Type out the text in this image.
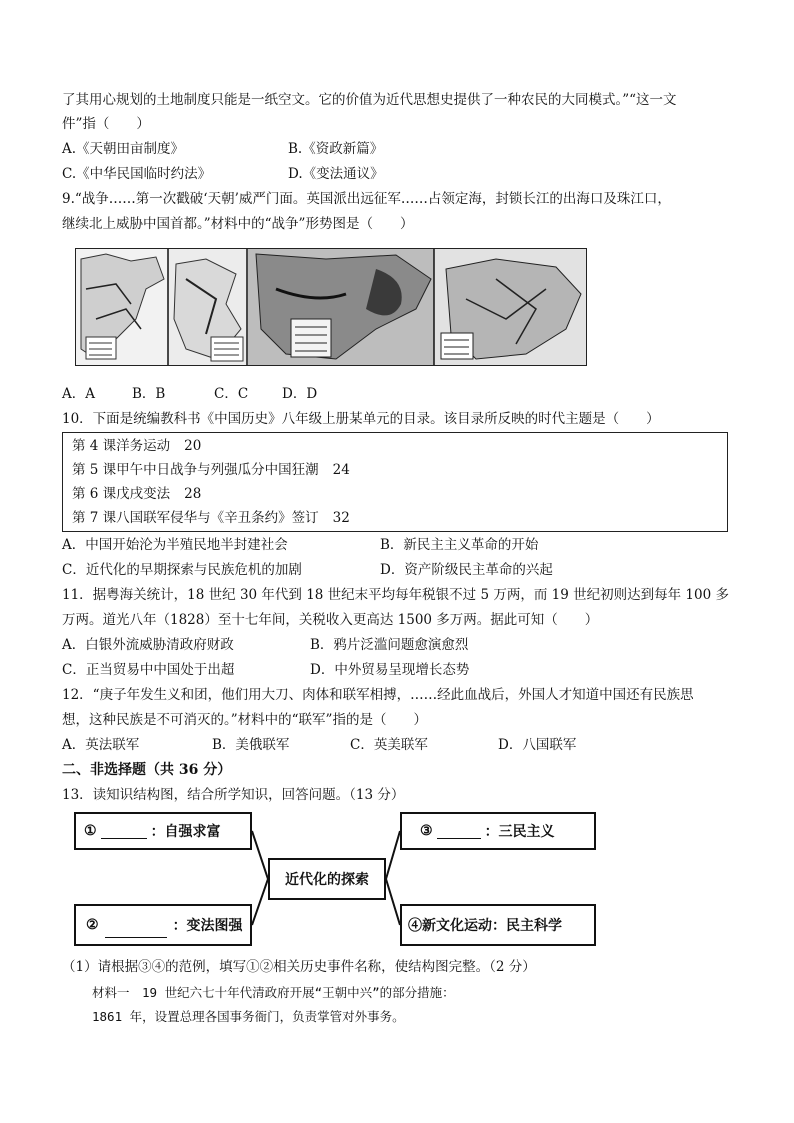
了其用心规划的土地制度只能是一纸空文。它的价值为近代思想史提供了一种农民的大同模式。”“这一文
件”指（　　）
A.《天朝田亩制度》	B.《资政新篇》
C.《中华民国临时约法》	D.《变法通议》
9.“战争……第一次戳破‘天朝’威严门面。英国派出远征军……占领定海，封锁长江的出海口及珠江口，
继续北上威胁中国首都。”材料中的“战争”形势图是（　　）
A．A	B．B	C．C	D．D
10．下面是统编教科书《中国历史》八年级上册某单元的目录。该目录所反映的时代主题是（　　）
第 4 课洋务运动 20
第 5 课甲午中日战争与列强瓜分中国狂潮 24
第 6 课戊戌变法 28
第 7 课八国联军侵华与《辛丑条约》签订 32
A．中国开始沦为半殖民地半封建社会	B．新民主主义革命的开始
C．近代化的早期探索与民族危机的加剧	D．资产阶级民主革命的兴起
11．据粤海关统计，18 世纪 30 年代到 18 世纪末平均每年税银不过 5 万两，而 19 世纪初则达到每年 100 多
万两。道光八年（1828）至十七年间，关税收入更高达 1500 多万两。据此可知（　　）
A．白银外流威胁清政府财政	B．鸦片泛滥问题愈演愈烈
C．正当贸易中中国处于出超	D．中外贸易呈现增长态势
12．“庚子年发生义和团，他们用大刀、肉体和联军相搏，……经此血战后，外国人才知道中国还有民族思
想，这种民族是不可消灭的。”材料中的“联军”指的是（　　）
A．英法联军	B．美俄联军	C．英美联军	D．八国联军
二、非选择题（共 36 分）
13．读知识结构图，结合所学知识，回答问题。（13 分）
①	：自强求富
②	：变法图强
③	：三民主义
④新文化运动：民主科学
近代化的探索
（1）请根据③④的范例，填写①②相关历史事件名称，使结构图完整。（2 分）
材料一　19 世纪六七十年代清政府开展“王朝中兴”的部分措施：
1861 年，设置总理各国事务衙门，负责掌管对外事务。
